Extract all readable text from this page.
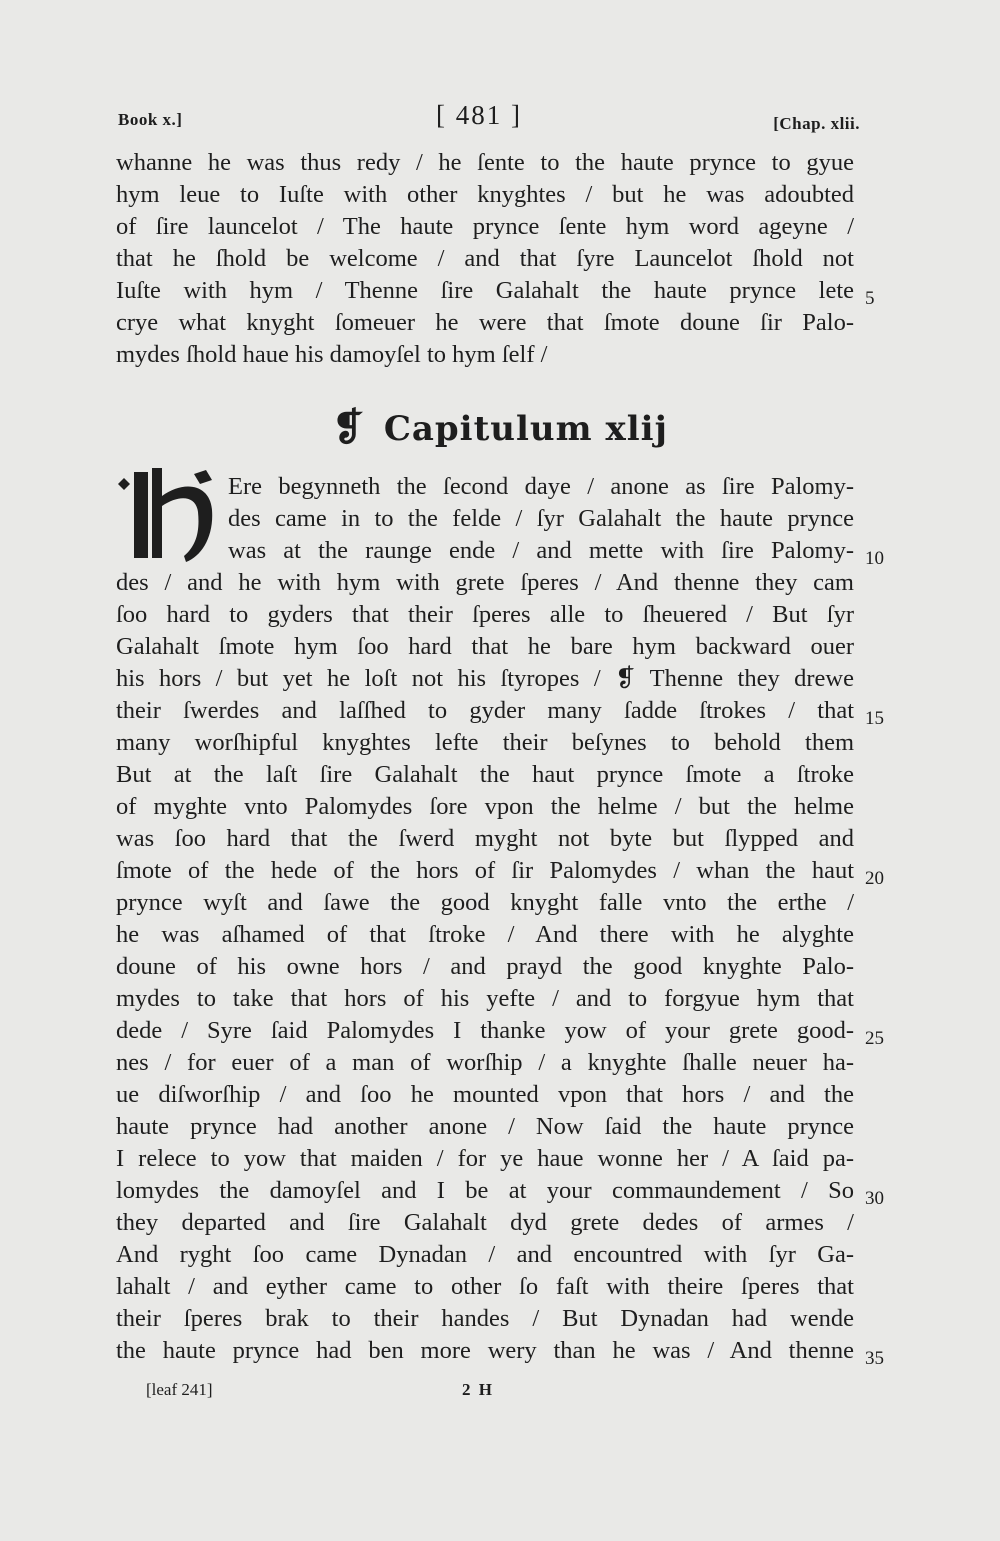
Book x.]	[ 481 ]	[Chap. xlii.
whanne he was thus redy / he ſente to the haute prynce to gyue
hym leue to Iuſte with other knyghtes / but he was adoubted
of ſire launcelot / The haute prynce ſente hym word ageyne /
that he ſhold be welcome / and that ſyre Launcelot ſhold not
Iuſte with hym / Thenne ſire Galahalt the haute prynce lete
crye what knyght ſomeuer he were that ſmote doune ſir Palo-
mydes ſhold haue his damoyſel to hym ſelf /
❡ Capitulum xlij
Ere begynneth the ſecond daye / anone as ſire Palomy-
des came in to the felde / ſyr Galahalt the haute prynce
was at the raunge ende / and mette with ſire Palomy-
des / and he with hym with grete ſperes / And thenne they cam
ſoo hard to gyders that their ſperes alle to ſheuered / But ſyr
Galahalt ſmote hym ſoo hard that he bare hym backward ouer
his hors / but yet he loſt not his ſtyropes / ❡ Thenne they drewe
their ſwerdes and laſſhed to gyder many ſadde ſtrokes / that
many worſhipful knyghtes lefte their beſynes to behold them
But at the laſt ſire Galahalt the haut prynce ſmote a ſtroke
of myghte vnto Palomydes ſore vpon the helme / but the helme
was ſoo hard that the ſwerd myght not byte but ſlypped and
ſmote of the hede of the hors of ſir Palomydes / whan the haut
prynce wyſt and ſawe the good knyght falle vnto the erthe /
he was aſhamed of that ſtroke / And there with he alyghte
doune of his owne hors / and prayd the good knyghte Palo-
mydes to take that hors of his yefte / and to forgyue hym that
dede / Syre ſaid Palomydes I thanke yow of your grete good-
nes / for euer of a man of worſhip / a knyghte ſhalle neuer ha-
ue diſworſhip / and ſoo he mounted vpon that hors / and the
haute prynce had another anone / Now ſaid the haute prynce
I relece to yow that maiden / for ye haue wonne her / A ſaid pa-
lomydes the damoyſel and I be at your commaundement / So
they departed and ſire Galahalt dyd grete dedes of armes /
And ryght ſoo came Dynadan / and encountred with ſyr Ga-
lahalt / and eyther came to other ſo faſt with theire ſperes that
their ſperes brak to their handes / But Dynadan had wende
the haute prynce had ben more wery than he was / And thenne
5
10
15
20
25
30
35
[leaf 241]	2 H
